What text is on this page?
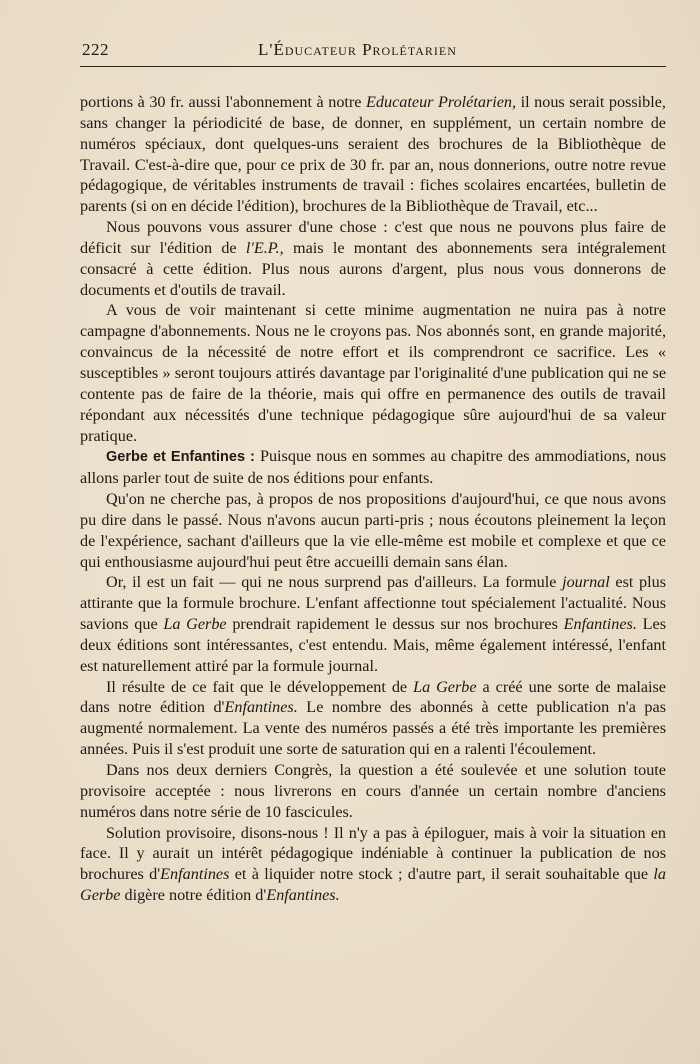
222	L'Éducateur Prolétarien

portions à 30 fr. aussi l'abonnement à notre Educateur Prolétarien, il nous serait possible, sans changer la périodicité de base, de donner, en supplément, un certain nombre de numéros spéciaux, dont quelques-uns seraient des brochures de la Bibliothèque de Travail. C'est-à-dire que, pour ce prix de 30 fr. par an, nous donnerions, outre notre revue pédagogique, de véritables instruments de travail : fiches scolaires encartées, bulletin de parents (si on en décide l'édition), brochures de la Bibliothèque de Travail, etc...

Nous pouvons vous assurer d'une chose : c'est que nous ne pouvons plus faire de déficit sur l'édition de l'E.P., mais le montant des abonnements sera intégralement consacré à cette édition. Plus nous aurons d'argent, plus nous vous donnerons de documents et d'outils de travail.

A vous de voir maintenant si cette minime augmentation ne nuira pas à notre campagne d'abonnements. Nous ne le croyons pas. Nos abonnés sont, en grande majorité, convaincus de la nécessité de notre effort et ils comprendront ce sacrifice. Les « susceptibles » seront toujours attirés davantage par l'originalité d'une publication qui ne se contente pas de faire de la théorie, mais qui offre en permanence des outils de travail répondant aux nécessités d'une technique pédagogique sûre aujourd'hui de sa valeur pratique.

Gerbe et Enfantines : Puisque nous en sommes au chapitre des ammodiations, nous allons parler tout de suite de nos éditions pour enfants.

Qu'on ne cherche pas, à propos de nos propositions d'aujourd'hui, ce que nous avons pu dire dans le passé. Nous n'avons aucun parti-pris ; nous écoutons pleinement la leçon de l'expérience, sachant d'ailleurs que la vie elle-même est mobile et complexe et que ce qui enthousiasme aujourd'hui peut être accueilli demain sans élan.

Or, il est un fait — qui ne nous surprend pas d'ailleurs. La formule journal est plus attirante que la formule brochure. L'enfant affectionne tout spécialement l'actualité. Nous savions que La Gerbe prendrait rapidement le dessus sur nos brochures Enfantines. Les deux éditions sont intéressantes, c'est entendu. Mais, même également intéressé, l'enfant est naturellement attiré par la formule journal.

Il résulte de ce fait que le développement de La Gerbe a créé une sorte de malaise dans notre édition d'Enfantines. Le nombre des abonnés à cette publication n'a pas augmenté normalement. La vente des numéros passés a été très importante les premières années. Puis il s'est produit une sorte de saturation qui en a ralenti l'écoulement.

Dans nos deux derniers Congrès, la question a été soulevée et une solution toute provisoire acceptée : nous livrerons en cours d'année un certain nombre d'anciens numéros dans notre série de 10 fascicules.

Solution provisoire, disons-nous ! Il n'y a pas à épiloguer, mais à voir la situation en face. Il y aurait un intérêt pédagogique indéniable à continuer la publication de nos brochures d'Enfantines et à liquider notre stock ; d'autre part, il serait souhaitable que la Gerbe digère notre édition d'Enfantines.
